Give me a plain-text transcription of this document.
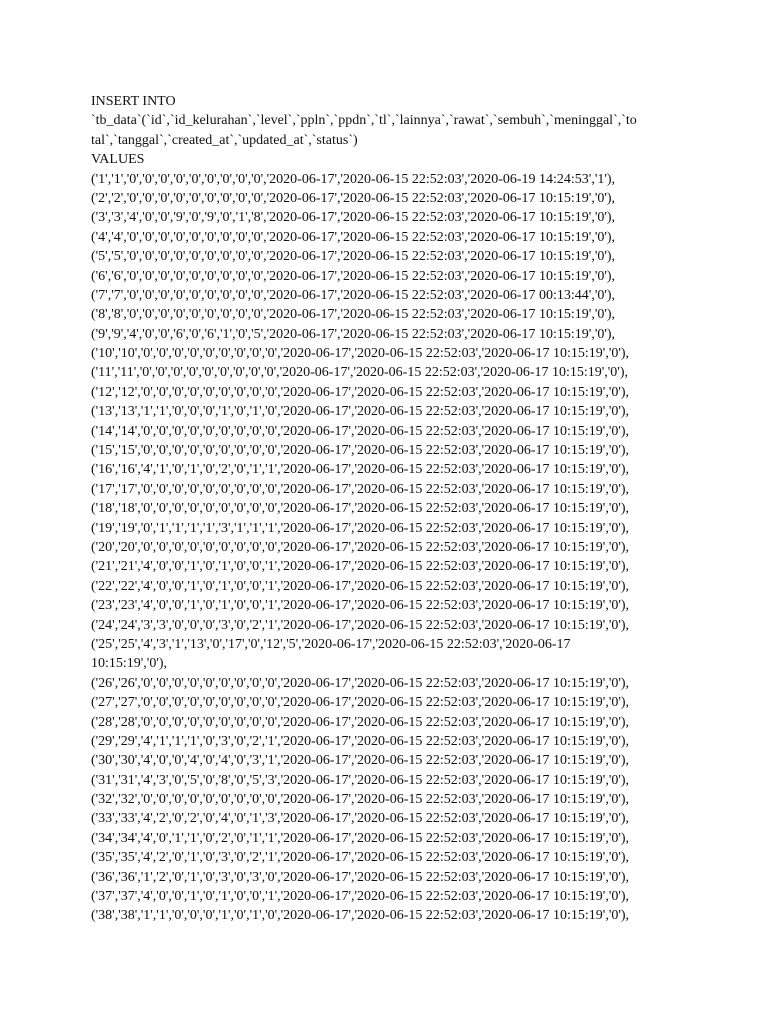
INSERT INTO
`tb_data`(`id`,`id_kelurahan`,`level`,`ppln`,`ppdn`,`tl`,`lainnya`,`rawat`,`sembuh`,`meninggal`,`to
tal`,`tanggal`,`created_at`,`updated_at`,`status`)
VALUES
('1','1','0','0','0','0','0','0','0','0','0','2020-06-17','2020-06-15 22:52:03','2020-06-19 14:24:53','1'),
('2','2','0','0','0','0','0','0','0','0','0','2020-06-17','2020-06-15 22:52:03','2020-06-17 10:15:19','0'),
('3','3','4','0','0','9','0','9','0','1','8','2020-06-17','2020-06-15 22:52:03','2020-06-17 10:15:19','0'),
('4','4','0','0','0','0','0','0','0','0','0','2020-06-17','2020-06-15 22:52:03','2020-06-17 10:15:19','0'),
('5','5','0','0','0','0','0','0','0','0','0','2020-06-17','2020-06-15 22:52:03','2020-06-17 10:15:19','0'),
('6','6','0','0','0','0','0','0','0','0','0','2020-06-17','2020-06-15 22:52:03','2020-06-17 10:15:19','0'),
('7','7','0','0','0','0','0','0','0','0','0','2020-06-17','2020-06-15 22:52:03','2020-06-17 00:13:44','0'),
('8','8','0','0','0','0','0','0','0','0','0','2020-06-17','2020-06-15 22:52:03','2020-06-17 10:15:19','0'),
('9','9','4','0','0','6','0','6','1','0','5','2020-06-17','2020-06-15 22:52:03','2020-06-17 10:15:19','0'),
('10','10','0','0','0','0','0','0','0','0','0','2020-06-17','2020-06-15 22:52:03','2020-06-17 10:15:19','0'),
('11','11','0','0','0','0','0','0','0','0','0','2020-06-17','2020-06-15 22:52:03','2020-06-17 10:15:19','0'),
('12','12','0','0','0','0','0','0','0','0','0','2020-06-17','2020-06-15 22:52:03','2020-06-17 10:15:19','0'),
('13','13','1','1','0','0','0','1','0','1','0','2020-06-17','2020-06-15 22:52:03','2020-06-17 10:15:19','0'),
('14','14','0','0','0','0','0','0','0','0','0','2020-06-17','2020-06-15 22:52:03','2020-06-17 10:15:19','0'),
('15','15','0','0','0','0','0','0','0','0','0','2020-06-17','2020-06-15 22:52:03','2020-06-17 10:15:19','0'),
('16','16','4','1','0','1','0','2','0','1','1','2020-06-17','2020-06-15 22:52:03','2020-06-17 10:15:19','0'),
('17','17','0','0','0','0','0','0','0','0','0','2020-06-17','2020-06-15 22:52:03','2020-06-17 10:15:19','0'),
('18','18','0','0','0','0','0','0','0','0','0','2020-06-17','2020-06-15 22:52:03','2020-06-17 10:15:19','0'),
('19','19','0','1','1','1','1','3','1','1','1','2020-06-17','2020-06-15 22:52:03','2020-06-17 10:15:19','0'),
('20','20','0','0','0','0','0','0','0','0','0','2020-06-17','2020-06-15 22:52:03','2020-06-17 10:15:19','0'),
('21','21','4','0','0','1','0','1','0','0','1','2020-06-17','2020-06-15 22:52:03','2020-06-17 10:15:19','0'),
('22','22','4','0','0','1','0','1','0','0','1','2020-06-17','2020-06-15 22:52:03','2020-06-17 10:15:19','0'),
('23','23','4','0','0','1','0','1','0','0','1','2020-06-17','2020-06-15 22:52:03','2020-06-17 10:15:19','0'),
('24','24','3','3','0','0','0','3','0','2','1','2020-06-17','2020-06-15 22:52:03','2020-06-17 10:15:19','0'),
('25','25','4','3','1','13','0','17','0','12','5','2020-06-17','2020-06-15 22:52:03','2020-06-17
10:15:19','0'),
('26','26','0','0','0','0','0','0','0','0','0','2020-06-17','2020-06-15 22:52:03','2020-06-17 10:15:19','0'),
('27','27','0','0','0','0','0','0','0','0','0','2020-06-17','2020-06-15 22:52:03','2020-06-17 10:15:19','0'),
('28','28','0','0','0','0','0','0','0','0','0','2020-06-17','2020-06-15 22:52:03','2020-06-17 10:15:19','0'),
('29','29','4','1','1','1','0','3','0','2','1','2020-06-17','2020-06-15 22:52:03','2020-06-17 10:15:19','0'),
('30','30','4','0','0','4','0','4','0','3','1','2020-06-17','2020-06-15 22:52:03','2020-06-17 10:15:19','0'),
('31','31','4','3','0','5','0','8','0','5','3','2020-06-17','2020-06-15 22:52:03','2020-06-17 10:15:19','0'),
('32','32','0','0','0','0','0','0','0','0','0','2020-06-17','2020-06-15 22:52:03','2020-06-17 10:15:19','0'),
('33','33','4','2','0','2','0','4','0','1','3','2020-06-17','2020-06-15 22:52:03','2020-06-17 10:15:19','0'),
('34','34','4','0','1','1','0','2','0','1','1','2020-06-17','2020-06-15 22:52:03','2020-06-17 10:15:19','0'),
('35','35','4','2','0','1','0','3','0','2','1','2020-06-17','2020-06-15 22:52:03','2020-06-17 10:15:19','0'),
('36','36','1','2','0','1','0','3','0','3','0','2020-06-17','2020-06-15 22:52:03','2020-06-17 10:15:19','0'),
('37','37','4','0','0','1','0','1','0','0','1','2020-06-17','2020-06-15 22:52:03','2020-06-17 10:15:19','0'),
('38','38','1','1','0','0','0','1','0','1','0','2020-06-17','2020-06-15 22:52:03','2020-06-17 10:15:19','0'),
